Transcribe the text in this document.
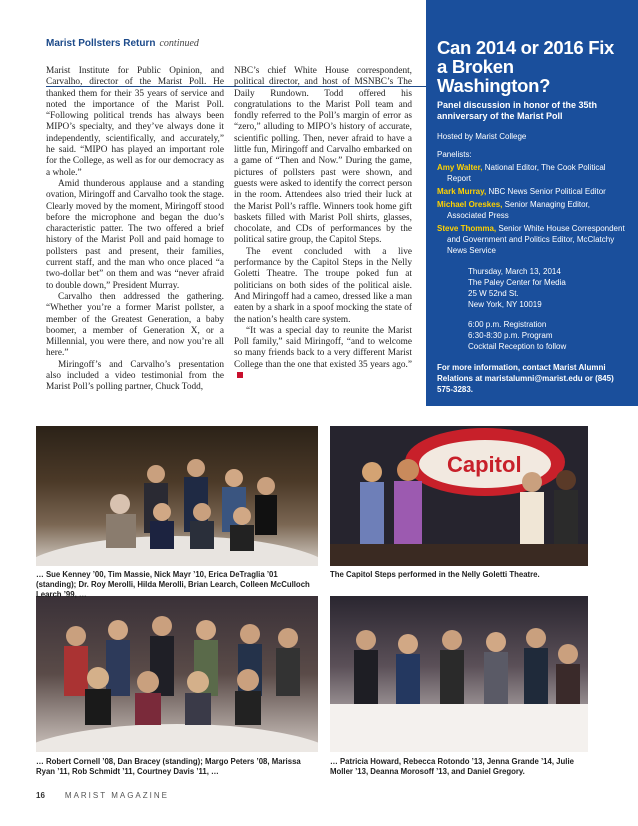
Marist Pollsters Return continued

Marist Institute for Public Opinion, and Carvalho, director of the Marist Poll. He thanked them for their 35 years of service and noted the importance of the Marist Poll. “Following political trends has always been MIPO’s specialty, and they’ve always done it independently, scientifically, and accurately,” he said. “MIPO has played an important role for the College, as well as for our democracy as a whole.”

Amid thunderous applause and a standing ovation, Miringoff and Carvalho took the stage. Clearly moved by the moment, Miringoff stood before the microphone and began the duo’s characteristic patter. The two offered a brief history of the Marist Poll and paid homage to pollsters past and present, their families, current staff, and the man who once placed “a two-dollar bet” on them and was “never afraid to double down,” President Murray.

Carvalho then addressed the gathering. “Whether you’re a former Marist pollster, a member of the Greatest Generation, a baby boomer, a member of Generation X, or a Millennial, you were there, and now you’re all here.”

Miringoff’s and Carvalho’s presentation also included a video testimonial from the Marist Poll’s polling partner, Chuck Todd,

NBC’s chief White House correspondent, political director, and host of MSNBC’s The Daily Rundown. Todd offered his congratulations to the Marist Poll team and fondly referred to the Poll’s margin of error as “zero,” alluding to MIPO’s history of accurate, scientific polling. Then, never afraid to have a little fun, Miringoff and Carvalho embarked on a game of “Then and Now.” During the game, pictures of pollsters past were shown, and guests were asked to identify the correct person in the room. Attendees also tried their luck at the Marist Poll’s raffle. Winners took home gift baskets filled with Marist Poll shirts, glasses, chocolate, and CDs of performances by the political satire group, the Capitol Steps.

The event concluded with a live performance by the Capitol Steps in the Nelly Goletti Theatre. The troupe poked fun at politicians on both sides of the political aisle. And Miringoff had a cameo, dressed like a man eaten by a shark in a spoof mocking the state of the nation’s health care system.

“It was a special day to reunite the Marist Poll family,” said Miringoff, “and to welcome so many friends back to a very different Marist College than the one that existed 35 years ago.”

Can 2014 or 2016 Fix a Broken Washington?
Panel discussion in honor of the 35th anniversary of the Marist Poll
Hosted by Marist College
Panelists:
Amy Walter, National Editor, The Cook Political Report
Mark Murray, NBC News Senior Political Editor
Michael Oreskes, Senior Managing Editor, Associated Press
Steve Thomma, Senior White House Correspondent and Government and Politics Editor, McClatchy News Service
Thursday, March 13, 2014
The Paley Center for Media
25 W 52nd St.
New York, NY 10019
6:00 p.m. Registration
6:30-8:30 p.m. Program
Cocktail Reception to follow
For more information, contact Marist Alumni Relations at maristalumni@marist.edu or (845) 575-3283.
Capitol
… Sue Kenney ’00, Tim Massie, Nick Mayr ’10, Erica DeTraglia ’01 (standing); Dr. Roy Merolli, Hilda Merolli, Brian Learch, Colleen McCulloch Learch ’99, …
The Capitol Steps performed in the Nelly Goletti Theatre.
… Robert Cornell ’08, Dan Bracey (standing); Margo Peters ’08, Marissa Ryan ’11, Rob Schmidt ’11, Courtney Davis ’11, …
… Patricia Howard, Rebecca Rotondo ’13, Jenna Grande ’14, Julie Moller ’13, Deanna Morosoff ’13, and Daniel Gregory.
16	MARIST MAGAZINE
